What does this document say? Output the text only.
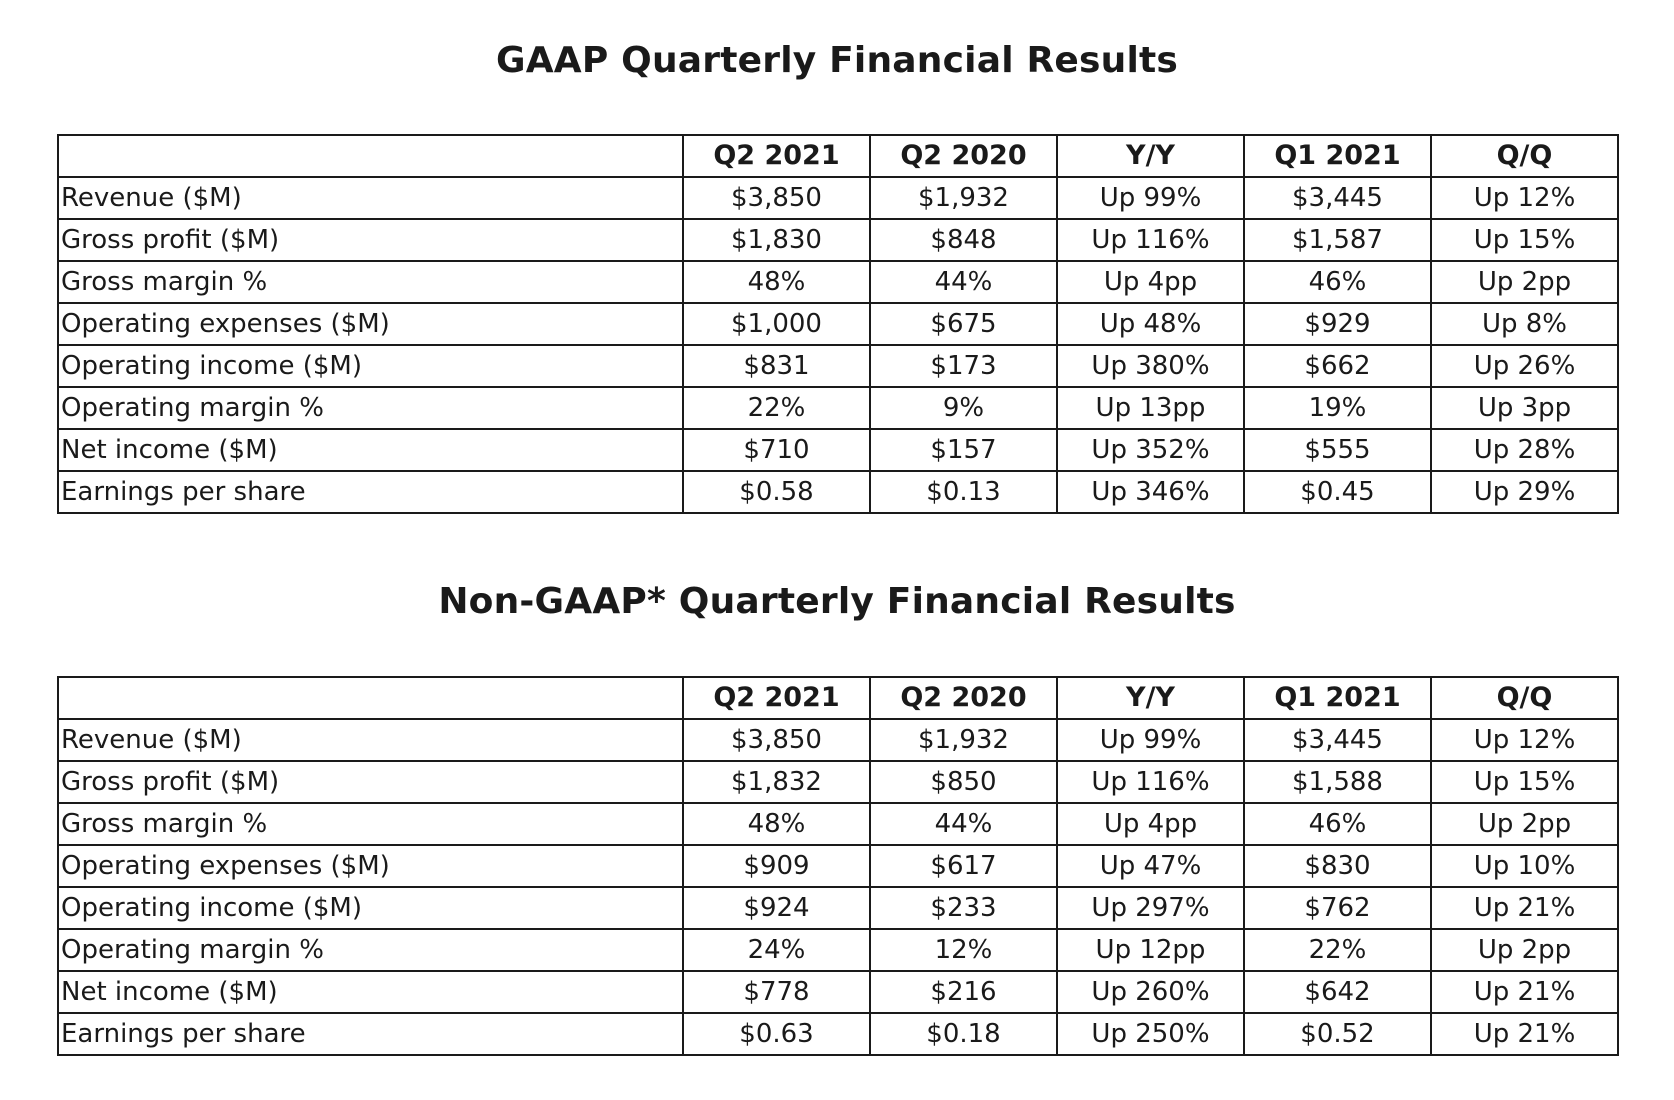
GAAP Quarterly Financial Results
	Q2 2021	Q2 2020	Y/Y	Q1 2021	Q/Q
Revenue ($M)	$3,850	$1,932	Up 99%	$3,445	Up 12%
Gross profit ($M)	$1,830	$848	Up 116%	$1,587	Up 15%
Gross margin %	48%	44%	Up 4pp	46%	Up 2pp
Operating expenses ($M)	$1,000	$675	Up 48%	$929	Up 8%
Operating income ($M)	$831	$173	Up 380%	$662	Up 26%
Operating margin %	22%	9%	Up 13pp	19%	Up 3pp
Net income ($M)	$710	$157	Up 352%	$555	Up 28%
Earnings per share	$0.58	$0.13	Up 346%	$0.45	Up 29%
Non-GAAP* Quarterly Financial Results
	Q2 2021	Q2 2020	Y/Y	Q1 2021	Q/Q
Revenue ($M)	$3,850	$1,932	Up 99%	$3,445	Up 12%
Gross profit ($M)	$1,832	$850	Up 116%	$1,588	Up 15%
Gross margin %	48%	44%	Up 4pp	46%	Up 2pp
Operating expenses ($M)	$909	$617	Up 47%	$830	Up 10%
Operating income ($M)	$924	$233	Up 297%	$762	Up 21%
Operating margin %	24%	12%	Up 12pp	22%	Up 2pp
Net income ($M)	$778	$216	Up 260%	$642	Up 21%
Earnings per share	$0.63	$0.18	Up 250%	$0.52	Up 21%
